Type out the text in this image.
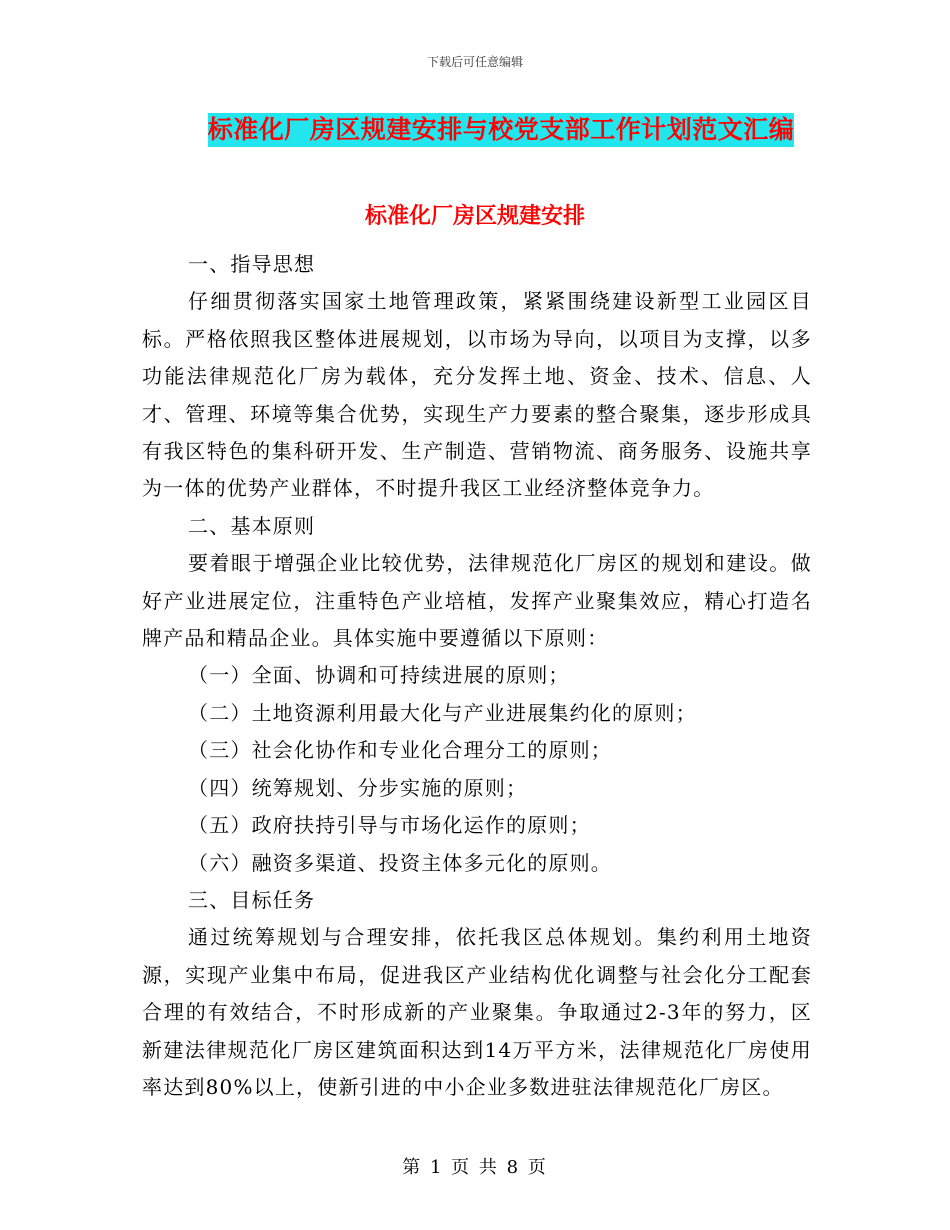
下载后可任意编辑
标准化厂房区规建安排与校党支部工作计划范文汇编
标准化厂房区规建安排

一、指导思想

仔细贯彻落实国家土地管理政策，紧紧围绕建设新型工业园区目标。严格依照我区整体进展规划，以市场为导向，以项目为支撑，以多功能法律规范化厂房为载体，充分发挥土地、资金、技术、信息、人才、管理、环境等集合优势，实现生产力要素的整合聚集，逐步形成具有我区特色的集科研开发、生产制造、营销物流、商务服务、设施共享为一体的优势产业群体，不时提升我区工业经济整体竞争力。

二、基本原则

要着眼于增强企业比较优势，法律规范化厂房区的规划和建设。做好产业进展定位，注重特色产业培植，发挥产业聚集效应，精心打造名牌产品和精品企业。具体实施中要遵循以下原则：

（一）全面、协调和可持续进展的原则；

（二）土地资源利用最大化与产业进展集约化的原则；

（三）社会化协作和专业化合理分工的原则；

（四）统筹规划、分步实施的原则；

（五）政府扶持引导与市场化运作的原则；

（六）融资多渠道、投资主体多元化的原则。

三、目标任务

通过统筹规划与合理安排，依托我区总体规划。集约利用土地资源，实现产业集中布局，促进我区产业结构优化调整与社会化分工配套合理的有效结合，不时形成新的产业聚集。争取通过2-3年的努力，区新建法律规范化厂房区建筑面积达到14万平方米，法律规范化厂房使用率达到80%以上，使新引进的中小企业多数进驻法律规范化厂房区。

第 1 页 共 8 页
